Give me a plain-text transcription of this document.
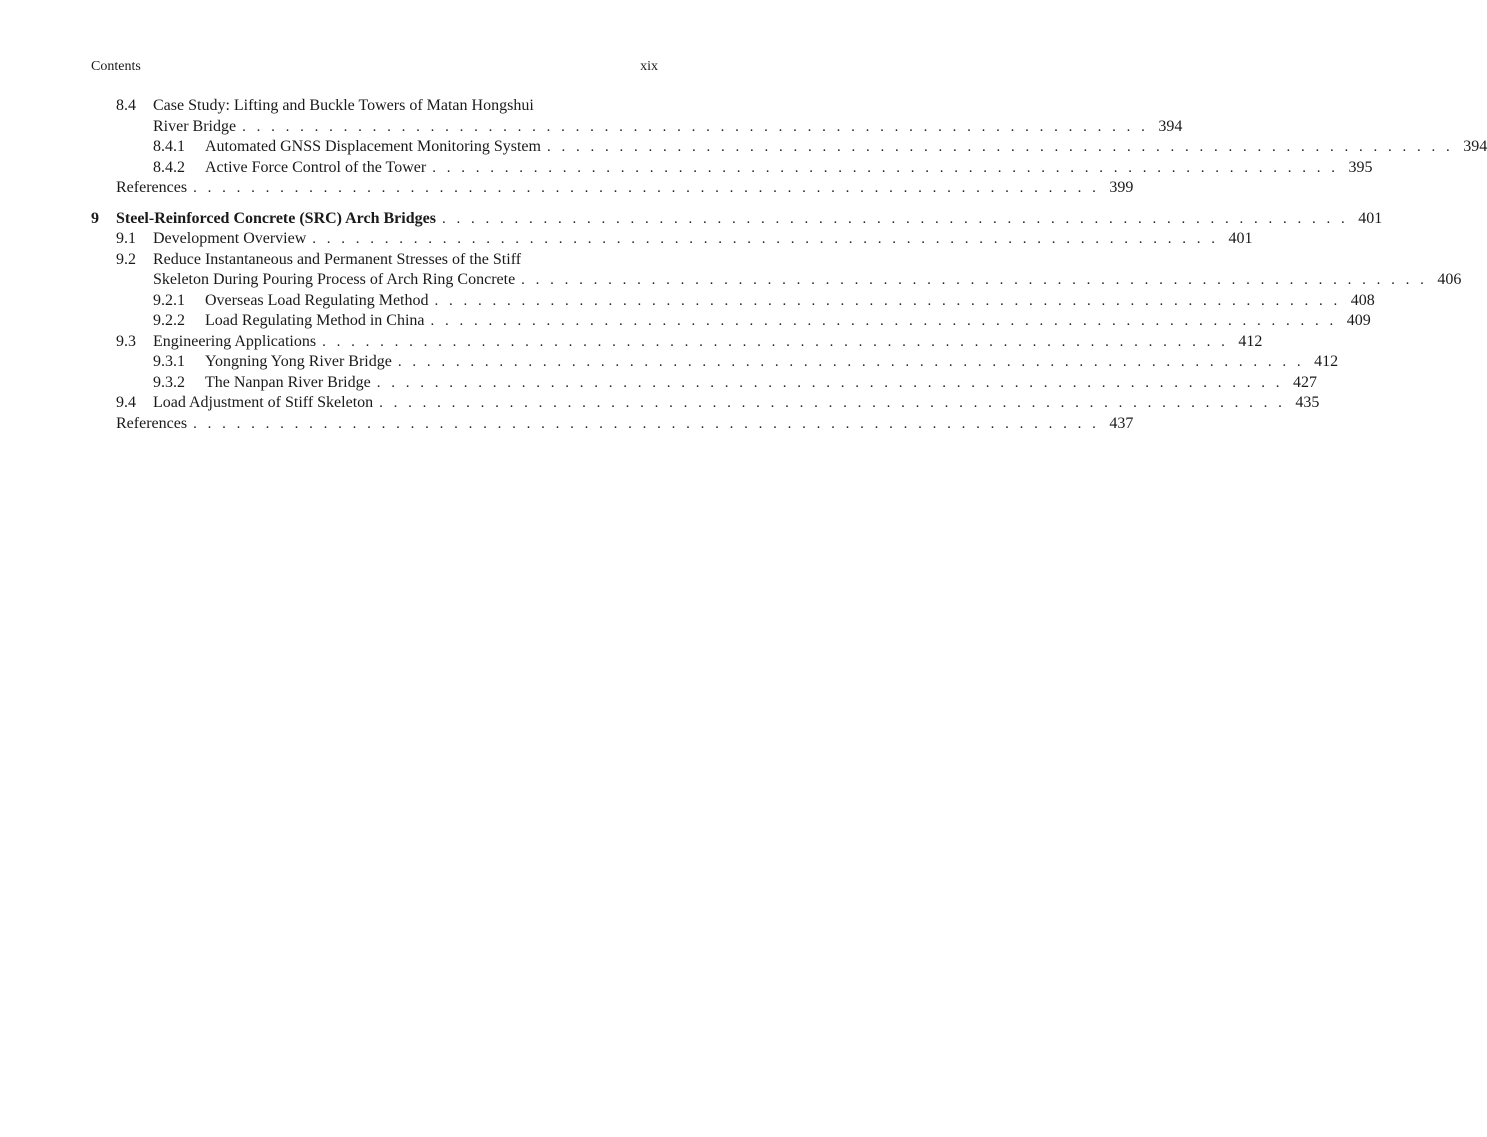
Contents	xix
8.4 Case Study: Lifting and Buckle Towers of Matan Hongshui
River Bridge . . . . . . . . . . . . . . . . . . . . . . . . . . . . . . . . . . . . . . . . . . . . . . . . . . . . . . . . . . . . . . . 394
8.4.1 Automated GNSS Displacement Monitoring System . . . . . . . . . . . . . . . . . . . . . . . . . . . . . . . . . . . . . . . . . . . . . . . . . . . . . . . . . . . . . . . 394
8.4.2 Active Force Control of the Tower . . . . . . . . . . . . . . . . . . . . . . . . . . . . . . . . . . . . . . . . . . . . . . . . . . . . . . . . . . . . . . . 395
References . . . . . . . . . . . . . . . . . . . . . . . . . . . . . . . . . . . . . . . . . . . . . . . . . . . . . . . . . . . . . . . 399
9 Steel-Reinforced Concrete (SRC) Arch Bridges . . . . . . . . . . . . . . . . . . . . . . . . . . . . . . . . . . . . . . . . . . . . . . . . . . . . . . . . . . . . . . . 401
9.1 Development Overview . . . . . . . . . . . . . . . . . . . . . . . . . . . . . . . . . . . . . . . . . . . . . . . . . . . . . . . . . . . . . . . 401
9.2 Reduce Instantaneous and Permanent Stresses of the Stiff
Skeleton During Pouring Process of Arch Ring Concrete . . . . . . . . . . . . . . . . . . . . . . . . . . . . . . . . . . . . . . . . . . . . . . . . . . . . . . . . . . . . . . . 406
9.2.1 Overseas Load Regulating Method . . . . . . . . . . . . . . . . . . . . . . . . . . . . . . . . . . . . . . . . . . . . . . . . . . . . . . . . . . . . . . . 408
9.2.2 Load Regulating Method in China . . . . . . . . . . . . . . . . . . . . . . . . . . . . . . . . . . . . . . . . . . . . . . . . . . . . . . . . . . . . . . . 409
9.3 Engineering Applications . . . . . . . . . . . . . . . . . . . . . . . . . . . . . . . . . . . . . . . . . . . . . . . . . . . . . . . . . . . . . . . 412
9.3.1 Yongning Yong River Bridge . . . . . . . . . . . . . . . . . . . . . . . . . . . . . . . . . . . . . . . . . . . . . . . . . . . . . . . . . . . . . . . 412
9.3.2 The Nanpan River Bridge . . . . . . . . . . . . . . . . . . . . . . . . . . . . . . . . . . . . . . . . . . . . . . . . . . . . . . . . . . . . . . . 427
9.4 Load Adjustment of Stiff Skeleton . . . . . . . . . . . . . . . . . . . . . . . . . . . . . . . . . . . . . . . . . . . . . . . . . . . . . . . . . . . . . . . 435
References . . . . . . . . . . . . . . . . . . . . . . . . . . . . . . . . . . . . . . . . . . . . . . . . . . . . . . . . . . . . . . . 437
